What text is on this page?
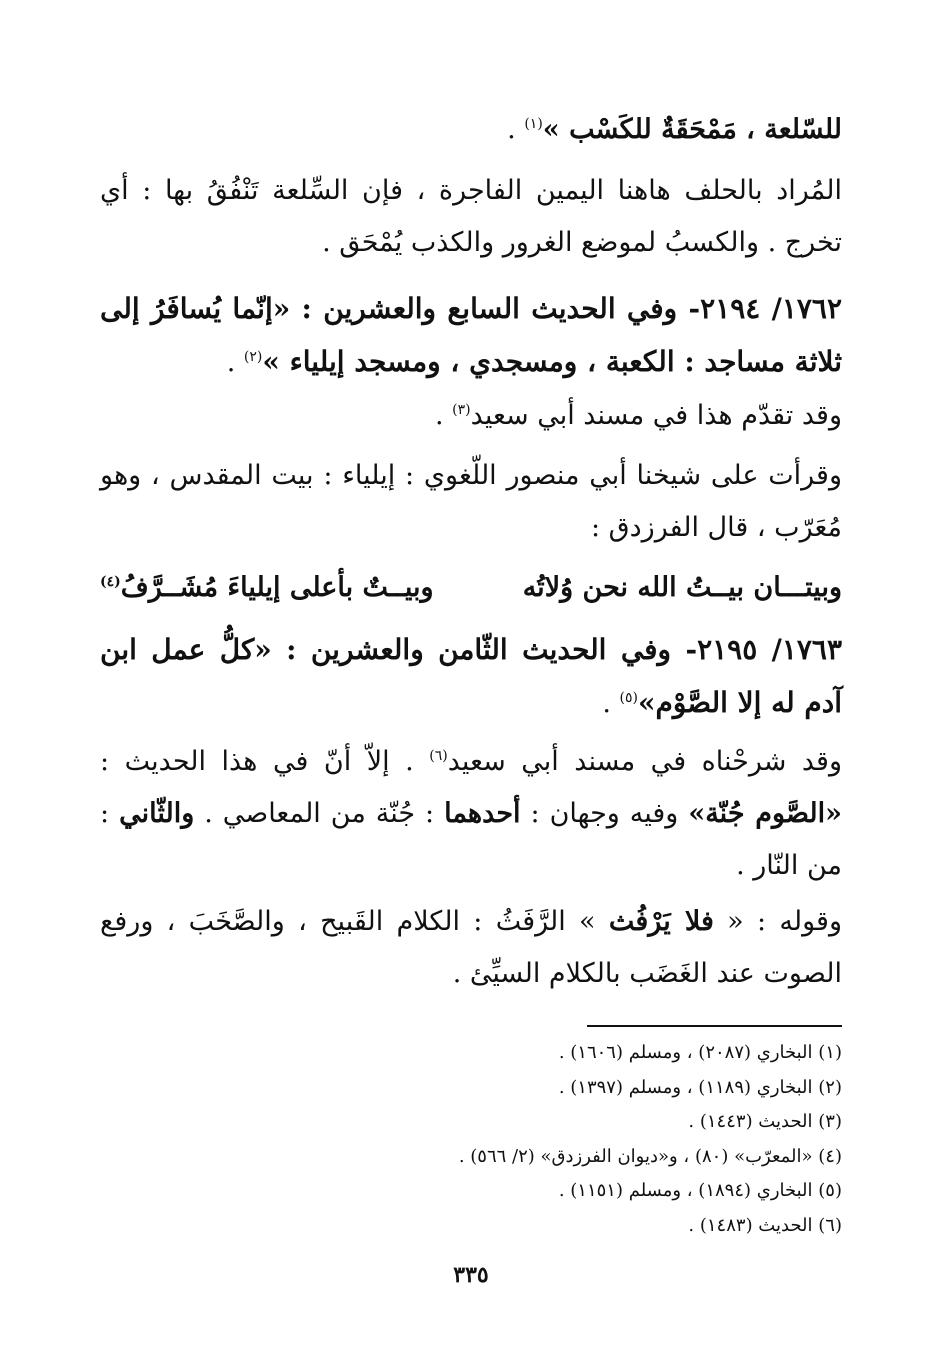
للسّلعة ، مَمْحَقَةٌ للكَسْب »$^{(١)}$ .
المُراد بالحلف هاهنا اليمين الفاجرة ، فإن السِّلعة تَنْفُقُ بها : أي تخرج . والكسبُ لموضع الغرور والكذب يُمْحَق .
١٧٦٢/ ٢١٩٤- وفي الحديث السابع والعشرين : «إنّما يُسافَرُ إلى ثلاثة مساجد : الكعبة ، ومسجدي ، ومسجد إيلياء »$^{(٢)}$ .
وقد تقدّم هذا في مسند أبي سعيد$^{(٣)}$ .
وقرأت على شيخنا أبي منصور اللّغوي : إيلياء : بيت المقدس ، وهو مُعَرّب ، قال الفرزدق :
وبيتـــان بيــتُ الله نحن وُلاتُه
وبيــتٌ بأعلى إيلياءَ مُشَــرَّفُ$^{(٤)}$
١٧٦٣/ ٢١٩٥- وفي الحديث الثّامن والعشرين : «كلُّ عمل ابن آدم له إلا الصَّوْم»$^{(٥)}$ .
وقد شرحْناه في مسند أبي سعيد$^{(٦)}$ . إلاّ أنّ في هذا الحديث : «الصَّوم جُنّة» وفيه وجهان : أحدهما : جُنّة من المعاصي . والثّاني : من النّار .
وقوله : « فلا يَرْفُث » الرَّفَثُ : الكلام القَبيح ، والصَّخَبَ ، ورفع الصوت عند الغَضَب بالكلام السيِّئ .
(١) البخاري (٢٠٨٧) ، ومسلم (١٦٠٦) .
(٢) البخاري (١١٨٩) ، ومسلم (١٣٩٧) .
(٣) الحديث (١٤٤٣) .
(٤) «المعرّب» (٨٠) ، و«ديوان الفرزدق» (٢/ ٥٦٦) .
(٥) البخاري (١٨٩٤) ، ومسلم (١١٥١) .
(٦) الحديث (١٤٨٣) .
٣٣٥
